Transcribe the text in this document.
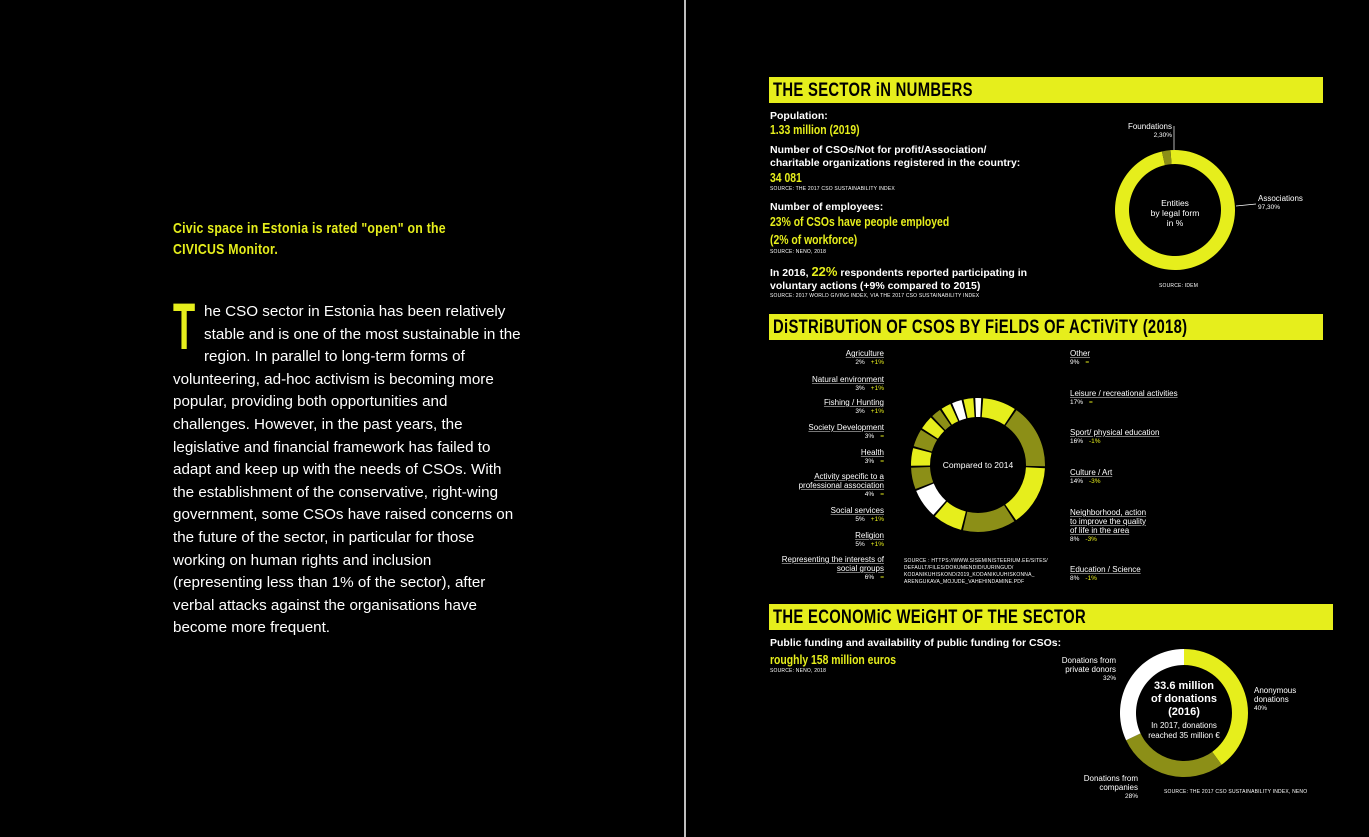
Civic space in Estonia is rated "open" on the CIVICUS Monitor.
T he CSO sector in Estonia has been relatively stable and is one of the most sustainable in the region. In parallel to long-term forms of volunteering, ad-hoc activism is becoming more popular, providing both opportunities and challenges. However, in the past years, the legislative and financial framework has failed to adapt and keep up with the needs of CSOs. With the establishment of the conservative, right-wing government, some CSOs have raised concerns on the future of the sector, in particular for those working on human rights and inclusion (representing less than 1% of the sector), after verbal attacks against the organisations have become more frequent.
THE SECTOR iN NUMBERS
Population:
1.33 million (2019)
Number of CSOs/Not for profit/Association/
charitable organizations registered in the country:
34 081
SOURCE: THE 2017 CSO SUSTAINABILITY INDEX
Number of employees:
23% of CSOs have people employed
(2% of workforce)
SOURCE: NENO, 2018
In 2016, 22% respondents reported participating in
voluntary actions (+9% compared to 2015)
SOURCE: 2017 WORLD GIVING INDEX, VIA THE 2017 CSO SUSTAINABILITY INDEX
Entities
by legal form
in %
Foundations
2,30%
Associations
97,30%
SOURCE: IDEM
DiSTRiBUTiON OF CSOS BY FiELDS OF ACTiViTY (2018)
Compared to 2014
Agriculture
2% +1%
Natural environment
3% +1%
Fishing / Hunting
3% +1%
Society Development
3% =
Health
3% =
Activity specific to a professional association
4% =
Social services
5% +1%
Religion
5% +1%
Representing the interests of social groups
6% =
Other
9% =
Leisure / recreational activities
17% =
Sport/ physical education
16% -1%
Culture / Art
14% -3%
Neighborhood, action to improve the quality of life in the area
8% -3%
Education / Science
8% -1%
SOURCE : HTTPS://WWW.SISEMINISTEERIUM.EE/SITES/
DEFAULT/FILES/DOKUMENDID/UURINGUD/
KODANIKUHISKOND/2019_KODANIKUUHISKONNA_
ARENGUKAVA_MOJUDE_VAHEHINDAMINE.PDF
THE ECONOMiC WEiGHT OF THE SECTOR
Public funding and availability of public funding for CSOs:
roughly 158 million euros
SOURCE: NENO, 2018
33.6 million
of donations
(2016)
In 2017, donations
reached 35 million €
Donations from private donors
32%
Anonymous donations
40%
Donations from companies
28%
SOURCE: THE 2017 CSO SUSTAINABILITY INDEX, NENO
